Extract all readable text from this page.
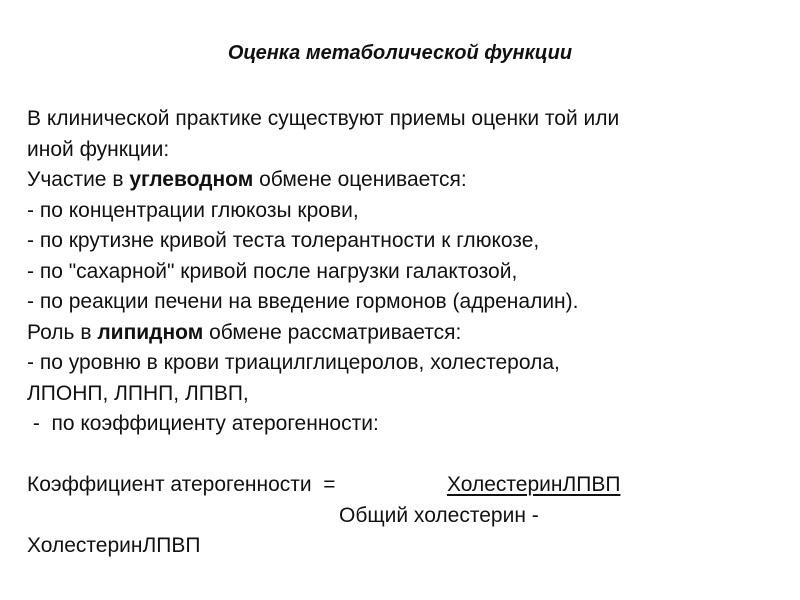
Оценка метаболической функции
В клинической практике существуют приемы оценки той или
иной функции:
Участие в углеводном обмене оценивается:
- по концентрации глюкозы крови,
- по крутизне кривой теста толерантности к глюкозе,
- по "сахарной" кривой после нагрузки галактозой,
- по реакции печени на введение гормонов (адреналин).
Роль в липидном обмене рассматривается:
- по уровню в крови триацилглицеролов, холестерола,
ЛПОНП, ЛПНП, ЛПВП,
-  по коэффициенту атерогенности:
Коэффициент атерогенности  =	ХолестеринЛПВП
Общий холестерин -
ХолестеринЛПВП
